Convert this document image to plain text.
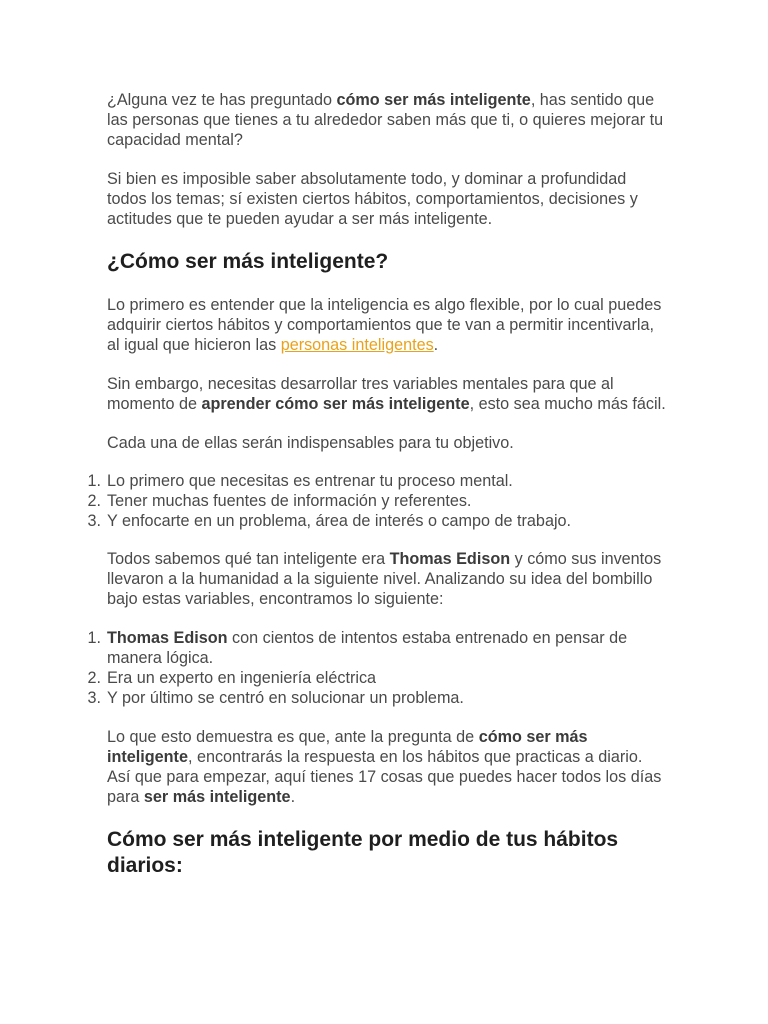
¿Alguna vez te has preguntado cómo ser más inteligente, has sentido que las personas que tienes a tu alrededor saben más que ti, o quieres mejorar tu capacidad mental?

Si bien es imposible saber absolutamente todo, y dominar a profundidad todos los temas; sí existen ciertos hábitos, comportamientos, decisiones y actitudes que te pueden ayudar a ser más inteligente.

¿Cómo ser más inteligente?

Lo primero es entender que la inteligencia es algo flexible, por lo cual puedes adquirir ciertos hábitos y comportamientos que te van a permitir incentivarla, al igual que hicieron las personas inteligentes.

Sin embargo, necesitas desarrollar tres variables mentales para que al momento de aprender cómo ser más inteligente, esto sea mucho más fácil.

Cada una de ellas serán indispensables para tu objetivo.

1. Lo primero que necesitas es entrenar tu proceso mental.
2. Tener muchas fuentes de información y referentes.
3. Y enfocarte en un problema, área de interés o campo de trabajo.

Todos sabemos qué tan inteligente era Thomas Edison y cómo sus inventos llevaron a la humanidad a la siguiente nivel. Analizando su idea del bombillo bajo estas variables, encontramos lo siguiente:

1. Thomas Edison con cientos de intentos estaba entrenado en pensar de manera lógica.
2. Era un experto en ingeniería eléctrica
3. Y por último se centró en solucionar un problema.

Lo que esto demuestra es que, ante la pregunta de cómo ser más inteligente, encontrarás la respuesta en los hábitos que practicas a diario. Así que para empezar, aquí tienes 17 cosas que puedes hacer todos los días para ser más inteligente.

Cómo ser más inteligente por medio de tus hábitos diarios:
